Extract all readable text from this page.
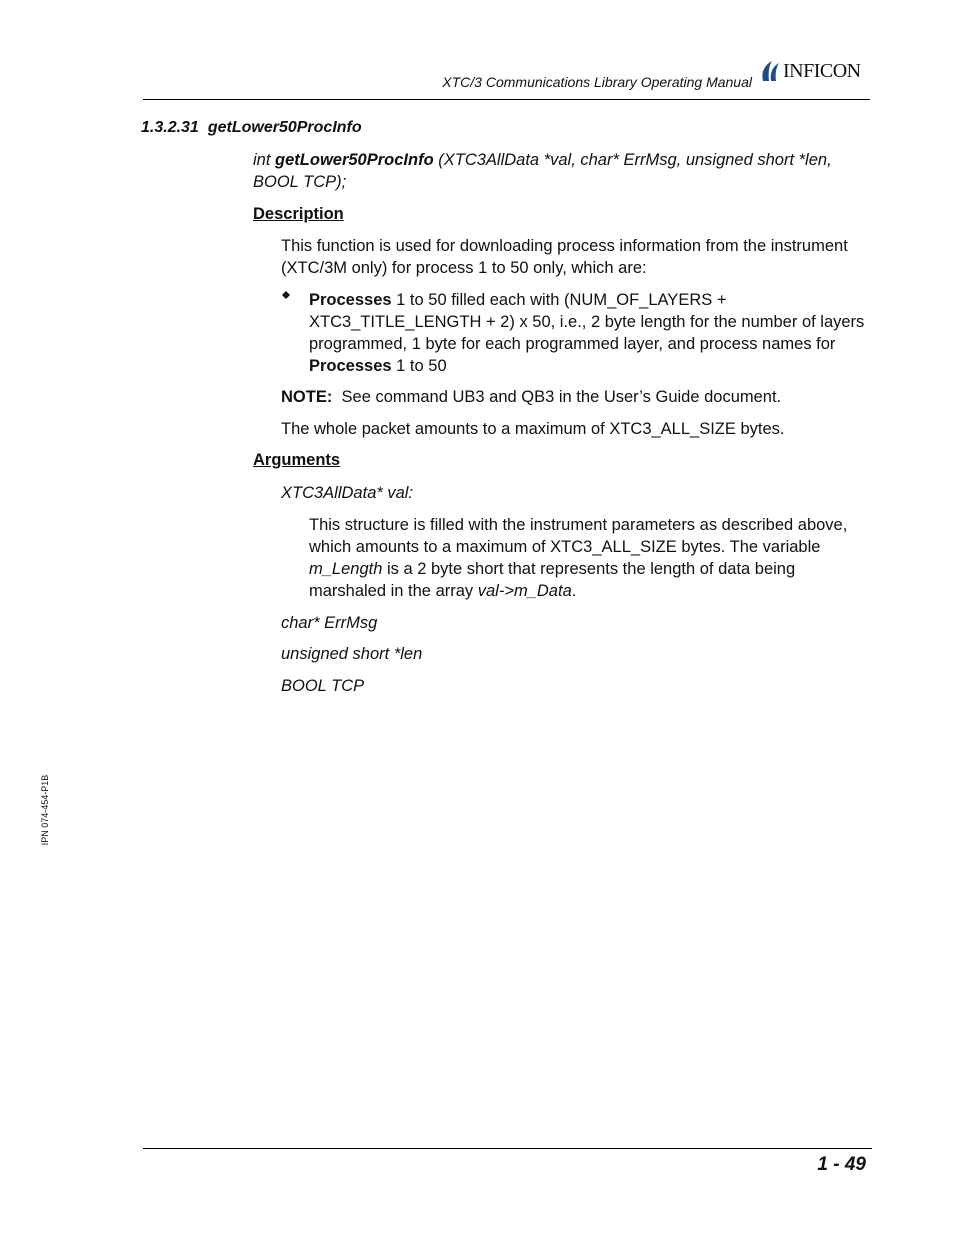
XTC/3 Communications Library Operating Manual
INFICON
1.3.2.31 getLower50ProcInfo
int getLower50ProcInfo (XTC3AllData *val, char* ErrMsg, unsigned short *len, BOOL TCP);
Description
This function is used for downloading process information from the instrument (XTC/3M only) for process 1 to 50 only, which are:
Processes 1 to 50 filled each with (NUM_OF_LAYERS + XTC3_TITLE_LENGTH + 2) x 50, i.e., 2 byte length for the number of layers programmed, 1 byte for each programmed layer, and process names for Processes 1 to 50
NOTE: See command UB3 and QB3 in the User’s Guide document.
The whole packet amounts to a maximum of XTC3_ALL_SIZE bytes.
Arguments
XTC3AllData* val:
This structure is filled with the instrument parameters as described above, which amounts to a maximum of XTC3_ALL_SIZE bytes. The variable m_Length is a 2 byte short that represents the length of data being marshaled in the array val->m_Data.
char* ErrMsg
unsigned short *len
BOOL TCP
IPN 074-454-P1B
1 - 49
